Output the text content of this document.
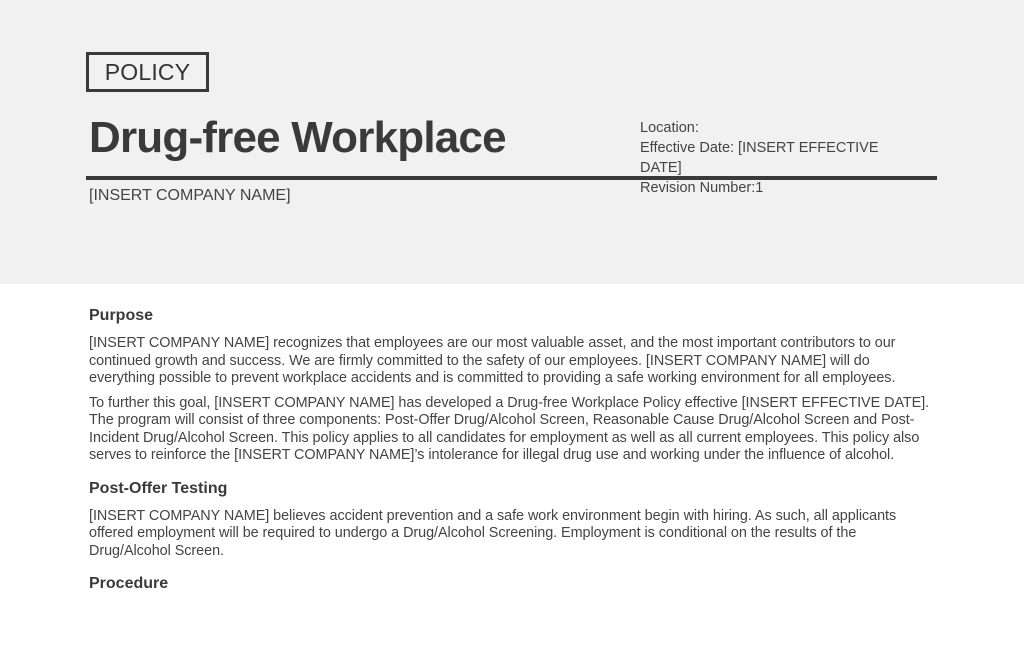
POLICY
Drug-free Workplace
[INSERT COMPANY NAME]
Location:
Effective Date: [INSERT EFFECTIVE DATE]
Revision Number:1
Purpose

[INSERT COMPANY NAME] recognizes that employees are our most valuable asset, and the most important contributors to our continued growth and success. We are firmly committed to the safety of our employees. [INSERT COMPANY NAME] will do everything possible to prevent workplace accidents and is committed to providing a safe working environment for all employees.

To further this goal, [INSERT COMPANY NAME] has developed a Drug-free Workplace Policy effective [INSERT EFFECTIVE DATE]. The program will consist of three components: Post-Offer Drug/Alcohol Screen, Reasonable Cause Drug/Alcohol Screen and Post-Incident Drug/Alcohol Screen. This policy applies to all candidates for employment as well as all current employees. This policy also serves to reinforce the [INSERT COMPANY NAME]’s intolerance for illegal drug use and working under the influence of alcohol.

Post-Offer Testing

[INSERT COMPANY NAME] believes accident prevention and a safe work environment begin with hiring. As such, all applicants offered employment will be required to undergo a Drug/Alcohol Screening. Employment is conditional on the results of the Drug/Alcohol Screen.

Procedure
